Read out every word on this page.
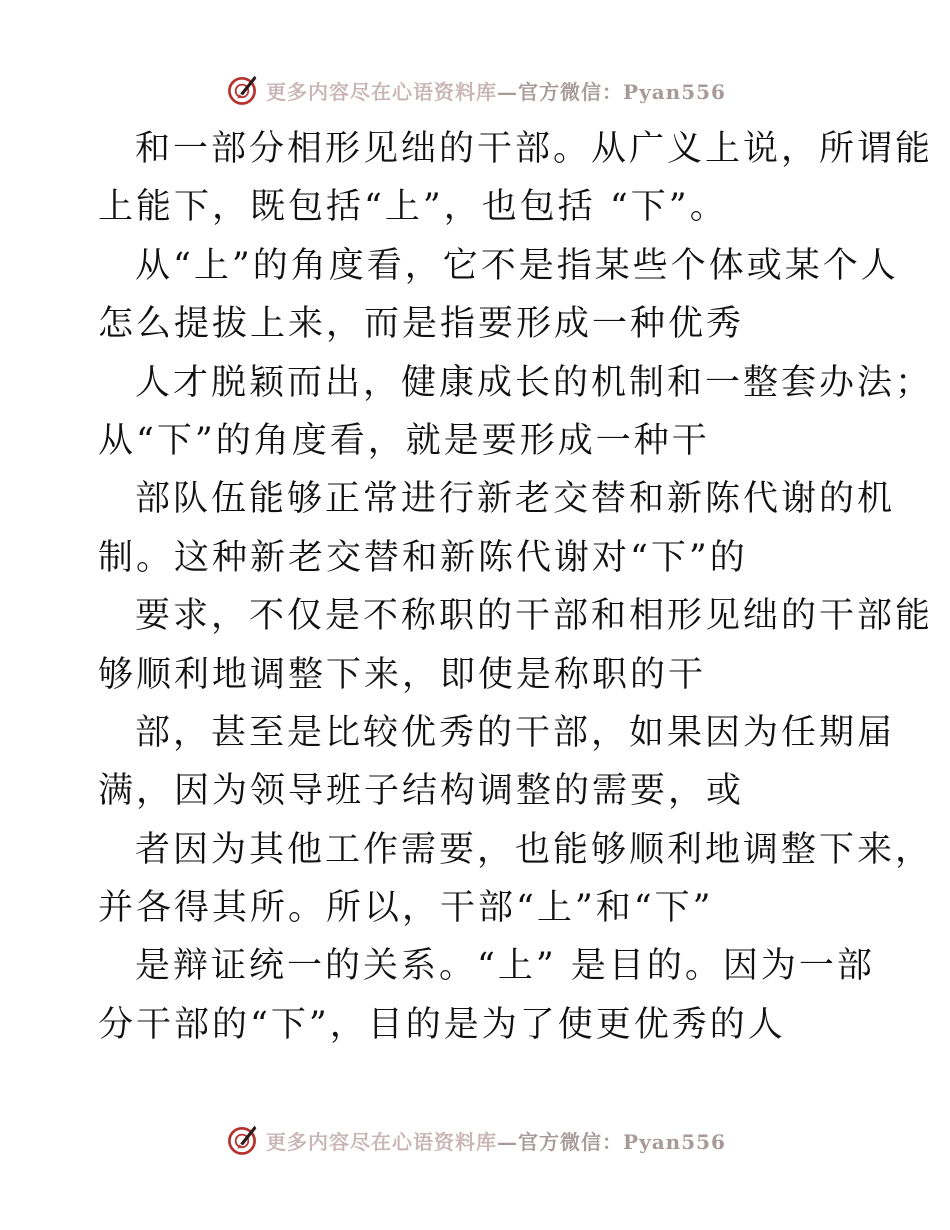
更多内容尽在心语资料库—官方微信：Pyan556
和一部分相形见绌的干部。从广义上说，所谓能
上能下，既包括“上”，也包括 “下”。
从“上”的角度看，它不是指某些个体或某个人
怎么提拔上来，而是指要形成一种优秀
人才脱颖而出，健康成长的机制和一整套办法；
从“下”的角度看，就是要形成一种干
部队伍能够正常进行新老交替和新陈代谢的机
制。这种新老交替和新陈代谢对“下”的
要求，不仅是不称职的干部和相形见绌的干部能
够顺利地调整下来，即使是称职的干
部，甚至是比较优秀的干部，如果因为任期届
满，因为领导班子结构调整的需要，或
者因为其他工作需要，也能够顺利地调整下来，
并各得其所。所以，干部“上”和“下”
是辩证统一的关系。“上” 是目的。因为一部
分干部的“下”，目的是为了使更优秀的人
更多内容尽在心语资料库—官方微信：Pyan556
